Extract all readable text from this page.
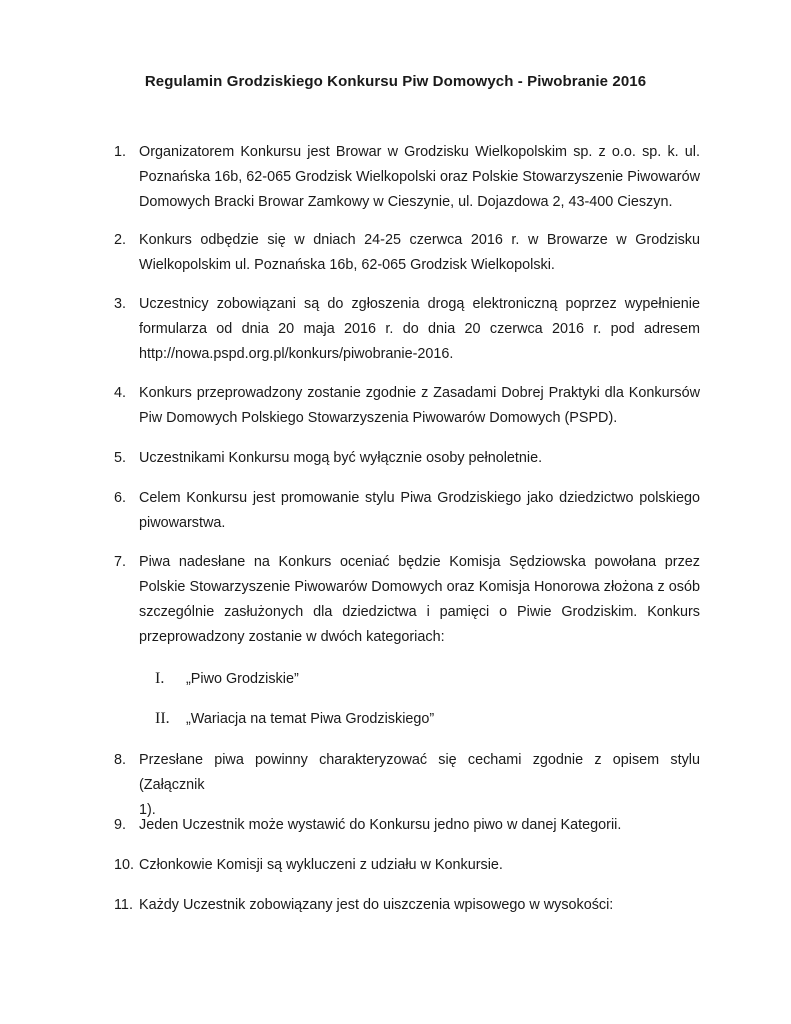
Regulamin Grodziskiego Konkursu Piw Domowych - Piwobranie 2016
1. Organizatorem Konkursu jest Browar w Grodzisku Wielkopolskim sp. z o.o. sp. k. ul.
Poznańska 16b, 62-065 Grodzisk Wielkopolski oraz Polskie Stowarzyszenie Piwowarów
Domowych Bracki Browar Zamkowy w Cieszynie, ul. Dojazdowa 2, 43-400 Cieszyn.
2. Konkurs odbędzie się w dniach 24-25 czerwca 2016 r. w Browarze w Grodzisku
Wielkopolskim ul. Poznańska 16b, 62-065 Grodzisk Wielkopolski.
3. Uczestnicy zobowiązani są do zgłoszenia drogą elektroniczną poprzez wypełnienie
formularza od dnia 20 maja 2016 r. do dnia 20 czerwca 2016 r. pod adresem
http://nowa.pspd.org.pl/konkurs/piwobranie-2016.
4. Konkurs przeprowadzony zostanie zgodnie z Zasadami Dobrej Praktyki dla Konkursów
Piw Domowych Polskiego Stowarzyszenia Piwowarów Domowych (PSPD).
5. Uczestnikami Konkursu mogą być wyłącznie osoby pełnoletnie.
6. Celem Konkursu jest promowanie stylu Piwa Grodziskiego jako dziedzictwo polskiego
piwowarstwa.
7. Piwa nadesłane na Konkurs oceniać będzie Komisja Sędziowska powołana przez
Polskie Stowarzyszenie Piwowarów Domowych oraz Komisja Honorowa złożona z osób
szczególnie zasłużonych dla dziedzictwa i pamięci o Piwie Grodziskim. Konkurs
przeprowadzony zostanie w dwóch kategoriach:
I. „Piwo Grodziskie”
II. „Wariacja na temat Piwa Grodziskiego”
8. Przesłane piwa powinny charakteryzować się cechami zgodnie z opisem stylu (Załącznik
1).
9. Jeden Uczestnik może wystawić do Konkursu jedno piwo w danej Kategorii.
10. Członkowie Komisji są wykluczeni z udziału w Konkursie.
11. Każdy Uczestnik zobowiązany jest do uiszczenia wpisowego w wysokości:
